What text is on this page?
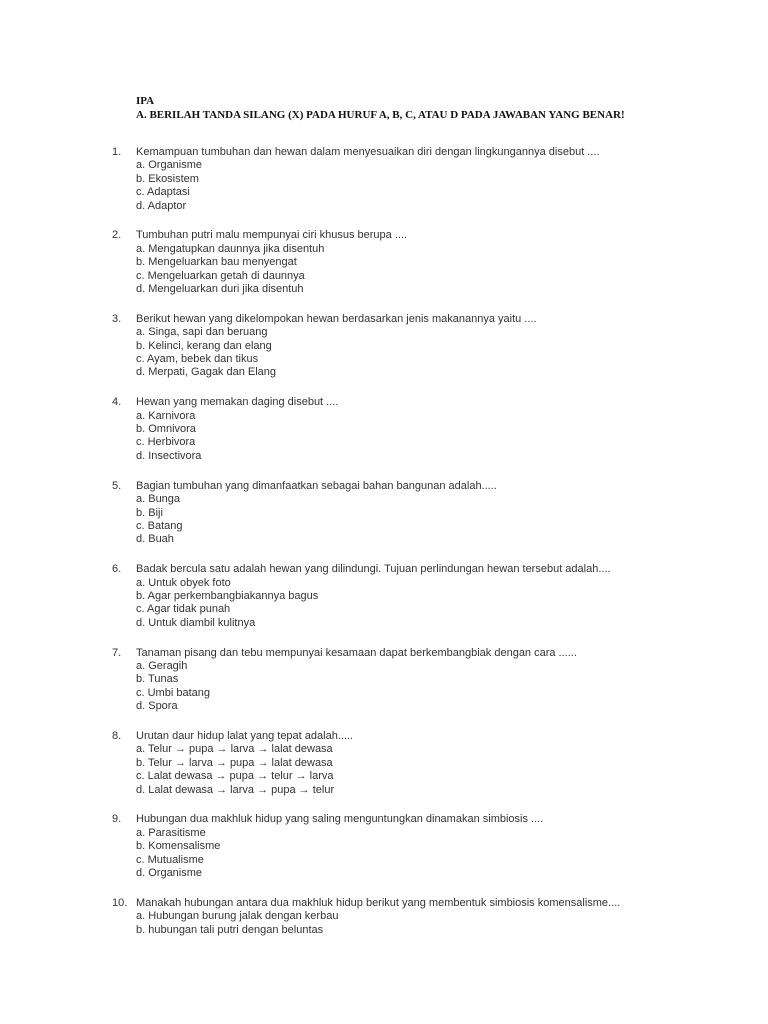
IPA
A. BERILAH TANDA SILANG (X) PADA HURUF A, B, C, ATAU D PADA JAWABAN YANG BENAR!
1.	Kemampuan tumbuhan dan hewan dalam menyesuaikan diri dengan lingkungannya disebut ....
a. Organisme
b. Ekosistem
c. Adaptasi
d. Adaptor
2.	Tumbuhan putri malu mempunyai ciri khusus berupa ....
a. Mengatupkan daunnya jika disentuh
b. Mengeluarkan bau menyengat
c. Mengeluarkan getah di daunnya
d. Mengeluarkan duri jika disentuh
3.	Berikut hewan yang dikelompokan hewan berdasarkan jenis makanannya yaitu ....
a. Singa, sapi dan beruang
b. Kelinci, kerang dan elang
c. Ayam, bebek dan tikus
d. Merpati, Gagak dan Elang
4.	Hewan yang memakan daging disebut ....
a. Karnivora
b. Omnivora
c. Herbivora
d. Insectivora
5.	Bagian tumbuhan yang dimanfaatkan sebagai bahan bangunan adalah.....
a. Bunga
b. Biji
c. Batang
d. Buah
6.	Badak bercula satu adalah hewan yang dilindungi. Tujuan perlindungan hewan tersebut adalah....
a. Untuk obyek foto
b. Agar perkembangbiakannya bagus
c. Agar tidak punah
d. Untuk diambil kulitnya
7.	Tanaman pisang dan tebu mempunyai kesamaan dapat berkembangbiak dengan cara ......
a. Geragih
b. Tunas
c. Umbi batang
d. Spora
8.	Urutan daur hidup lalat yang tepat adalah.....
a. Telur → pupa → larva → lalat dewasa
b. Telur → larva → pupa → lalat dewasa
c. Lalat dewasa → pupa → telur → larva
d. Lalat dewasa → larva → pupa → telur
9.	Hubungan dua makhluk hidup yang saling menguntungkan dinamakan simbiosis ....
a. Parasitisme
b. Komensalisme
c. Mutualisme
d. Organisme
10. Manakah hubungan antara dua makhluk hidup berikut yang membentuk simbiosis komensalisme....
a. Hubungan burung jalak dengan kerbau
b. hubungan tali putri dengan beluntas
